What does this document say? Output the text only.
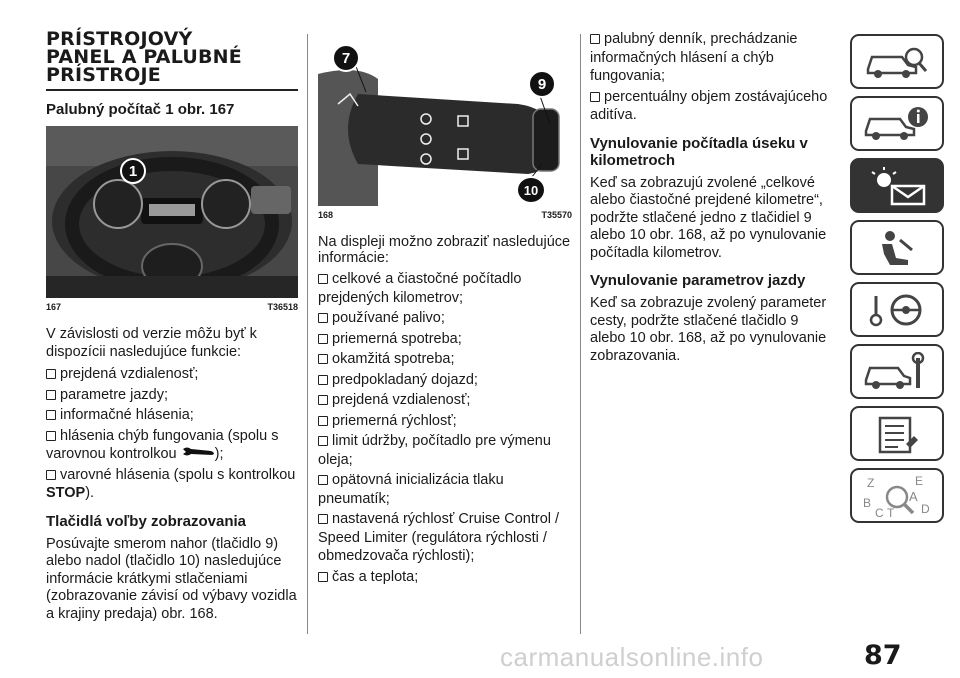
PRÍSTROJOVÝ
PANEL A PALUBNÉ
PRÍSTROJE
Palubný počítač 1 obr. 167
1
167	T36518

V závislosti od verzie môžu byť k dispozícii nasledujúce funkcie:

prejdená vzdialenosť;
parametre jazdy;
informačné hlásenia;
hlásenia chýb fungovania (spolu s varovnou kontrolkou	);
varovné hlásenia (spolu s kontrolkou STOP).
Tlačidlá voľby zobrazovania

Posúvajte smerom nahor (tlačidlo 9) alebo nadol (tlačidlo 10) nasledujúce informácie krátkymi stlačeniami (zobrazovanie závisí od výbavy vozidla a krajiny predaja) obr. 168.

7
9
10
168	T35570

Na displeji možno zobraziť nasledujúce informácie:

celkové a čiastočné počítadlo prejdených kilometrov;
používané palivo;
priemerná spotreba;
okamžitá spotreba;
predpokladaný dojazd;
prejdená vzdialenosť;
priemerná rýchlosť;
limit údržby, počítadlo pre výmenu oleja;
opätovná inicializácia tlaku pneumatík;
nastavená rýchlosť Cruise Control / Speed Limiter (regulátora rýchlosti / obmedzovača rýchlosti);
čas a teplota;
palubný denník, prechádzanie informačných hlásení a chýb fungovania;
percentuálny objem zostávajúceho aditíva.
Vynulovanie počítadla úseku v kilometroch

Keď sa zobrazujú zvolené „celkové alebo čiastočné prejdené kilometre“, podržte stlačené jedno z tlačidiel 9 alebo 10 obr. 168, až po vynulovanie počítadla kilometrov.

Vynulovanie parametrov jazdy

Keď sa zobrazuje zvolený parameter cesty, podržte stlačené tlačidlo 9 alebo 10 obr. 168, až po vynulovanie zobrazovania.

Z	E
B	A
C T D
carmanualsonline.info	87
